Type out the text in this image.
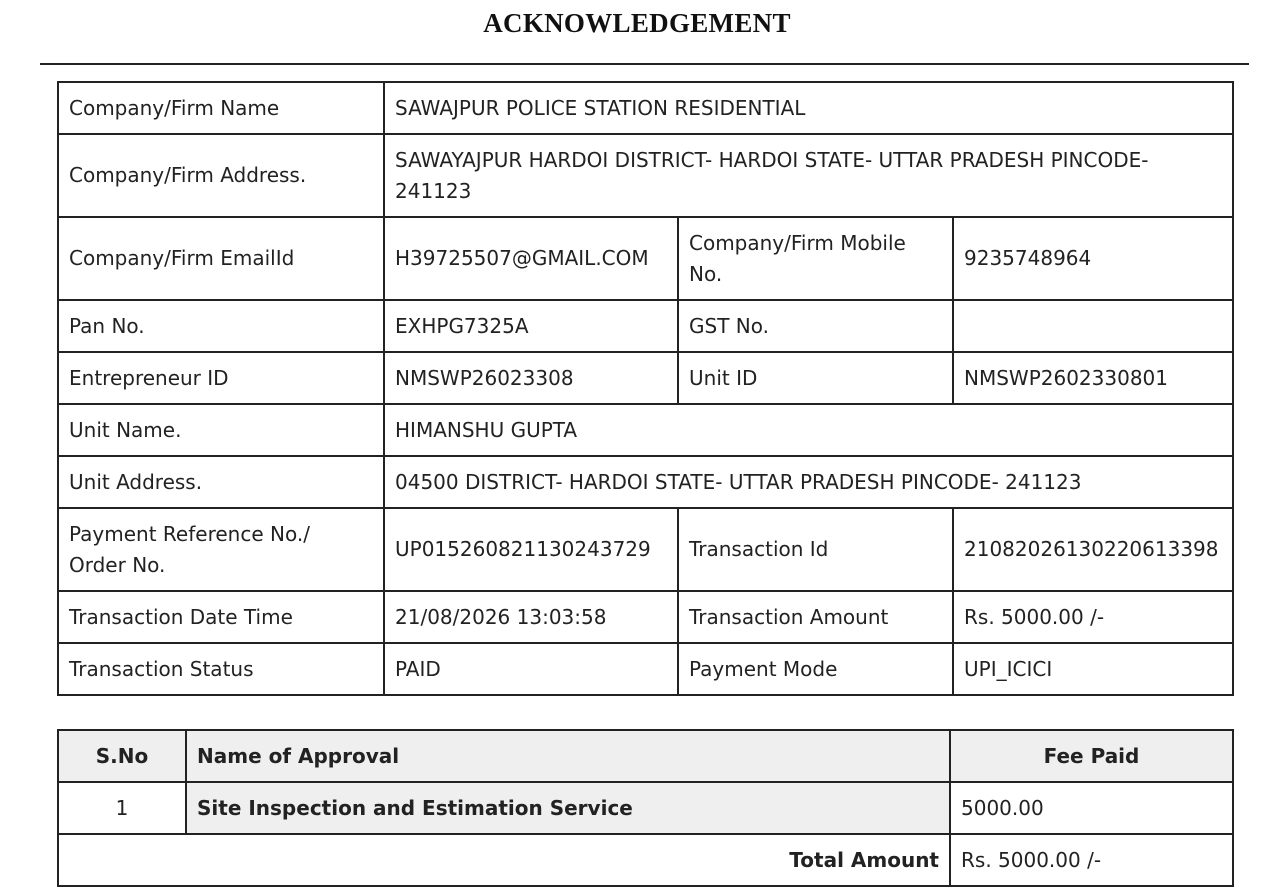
ACKNOWLEDGEMENT
Company/Firm Name	SAWAJPUR POLICE STATION RESIDENTIAL		
Company/Firm Address.	SAWAYAJPUR HARDOI DISTRICT- HARDOI STATE- UTTAR PRADESH PINCODE- 241123		
Company/Firm EmailId	H39725507@GMAIL.COM	Company/Firm Mobile No.	9235748964
Pan No.	EXHPG7325A	GST No.	
Entrepreneur ID	NMSWP26023308	Unit ID	NMSWP2602330801
Unit Name.	HIMANSHU GUPTA		
Unit Address.	04500 DISTRICT- HARDOI STATE- UTTAR PRADESH PINCODE- 241123		
Payment Reference No./ Order No.	UP015260821130243729	Transaction Id	21082026130220613398
Transaction Date Time	21/08/2026 13:03:58	Transaction Amount	Rs. 5000.00 /-
Transaction Status	PAID	Payment Mode	UPI_ICICI
S.No	Name of Approval	Fee Paid
1	Site Inspection and Estimation Service	5000.00
Total Amount		Rs. 5000.00 /-
